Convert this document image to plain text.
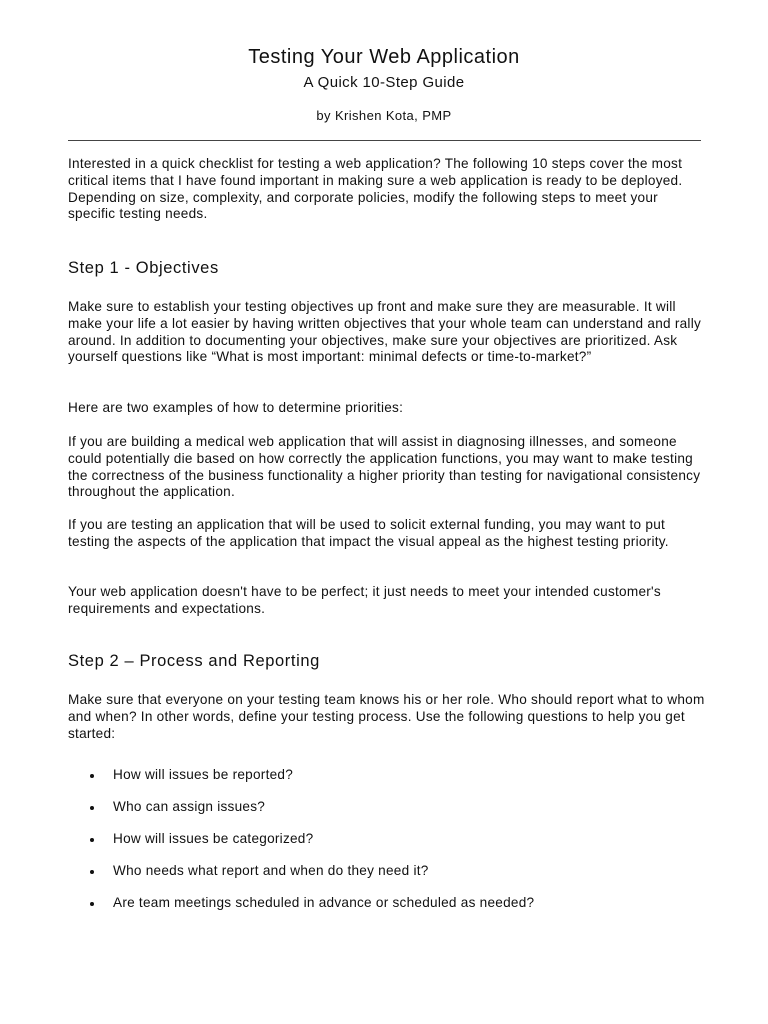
Testing Your Web Application
A Quick 10-Step Guide

by Krishen Kota, PMP

Interested in a quick checklist for testing a web application? The following 10 steps cover the most critical items that I have found important in making sure a web application is ready to be deployed. Depending on size, complexity, and corporate policies, modify the following steps to meet your specific testing needs.

Step 1 - Objectives

Make sure to establish your testing objectives up front and make sure they are measurable. It will make your life a lot easier by having written objectives that your whole team can understand and rally around. In addition to documenting your objectives, make sure your objectives are prioritized. Ask yourself questions like “What is most important: minimal defects or time-to-market?”

Here are two examples of how to determine priorities:

If you are building a medical web application that will assist in diagnosing illnesses, and someone could potentially die based on how correctly the application functions, you may want to make testing the correctness of the business functionality a higher priority than testing for navigational consistency throughout the application.

If you are testing an application that will be used to solicit external funding, you may want to put testing the aspects of the application that impact the visual appeal as the highest testing priority.

Your web application doesn't have to be perfect; it just needs to meet your intended customer's requirements and expectations.

Step 2 – Process and Reporting

Make sure that everyone on your testing team knows his or her role. Who should report what to whom and when? In other words, define your testing process. Use the following questions to help you get started:

How will issues be reported?
Who can assign issues?
How will issues be categorized?
Who needs what report and when do they need it?
Are team meetings scheduled in advance or scheduled as needed?
